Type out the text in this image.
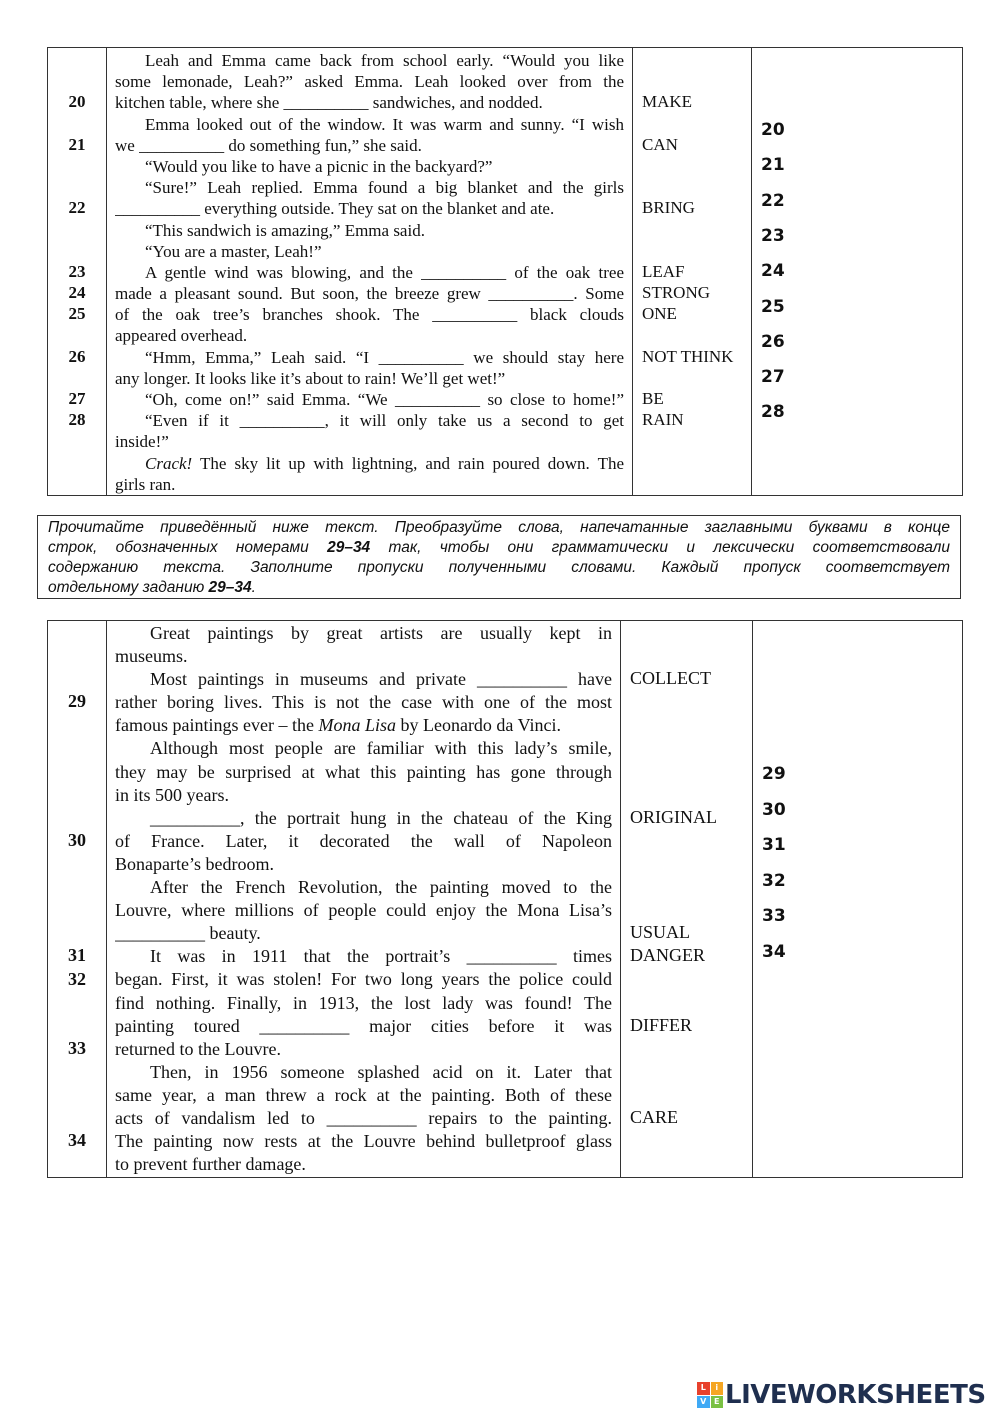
20
21
22
23
24
25
26
27
28
Leah and Emma came back from school early. “Would you like
some lemonade, Leah?” asked Emma. Leah looked over from the
kitchen table, where she __________ sandwiches, and nodded.
Emma looked out of the window. It was warm and sunny. “I wish
we __________ do something fun,” she said.
“Would you like to have a picnic in the backyard?”
“Sure!” Leah replied. Emma found a big blanket and the girls
__________ everything outside. They sat on the blanket and ate.
“This sandwich is amazing,” Emma said.
“You are a master, Leah!”
A gentle wind was blowing, and the __________ of the oak tree
made a pleasant sound. But soon, the breeze grew __________. Some
of the oak tree’s branches shook. The __________ black clouds
appeared overhead.
“Hmm, Emma,” Leah said. “I __________ we should stay here
any longer. It looks like it’s about to rain! We’ll get wet!”
“Oh, come on!” said Emma. “We __________ so close to home!”
“Even if it __________, it will only take us a second to get
inside!”
Crack! The sky lit up with lightning, and rain poured down. The
girls ran.
MAKE
CAN
BRING
LEAF
STRONG
ONE
NOT THINK
BE
RAIN
20
21
22
23
24
25
26
27
28
Прочитайте приведённый ниже текст. Преобразуйте слова, напечатанные заглавными буквами в конце
строк, обозначенных номерами 29–34 так, чтобы они грамматически и лексически соответствовали
содержанию текста. Заполните пропуски полученными словами. Каждый пропуск соответствует
отдельному заданию 29–34.
29
30
31
32
33
34
Great paintings by great artists are usually kept in
museums.
Most paintings in museums and private __________ have
rather boring lives. This is not the case with one of the most
famous paintings ever – the Mona Lisa by Leonardo da Vinci.
Although most people are familiar with this lady’s smile,
they may be surprised at what this painting has gone through
in its 500 years.
__________, the portrait hung in the chateau of the King
of France. Later, it decorated the wall of Napoleon
Bonaparte’s bedroom.
After the French Revolution, the painting moved to the
Louvre, where millions of people could enjoy the Mona Lisa’s
__________ beauty.
It was in 1911 that the portrait’s __________ times
began. First, it was stolen! For two long years the police could
find nothing. Finally, in 1913, the lost lady was found! The
painting toured __________ major cities before it was
returned to the Louvre.
Then, in 1956 someone splashed acid on it. Later that
same year, a man threw a rock at the painting. Both of these
acts of vandalism led to __________ repairs to the painting.
The painting now rests at the Louvre behind bulletproof glass
to prevent further damage.
COLLECT
ORIGINAL
USUAL
DANGER
DIFFER
CARE
29
30
31
32
33
34
L	i
V E LIVEWORKSHEETS
